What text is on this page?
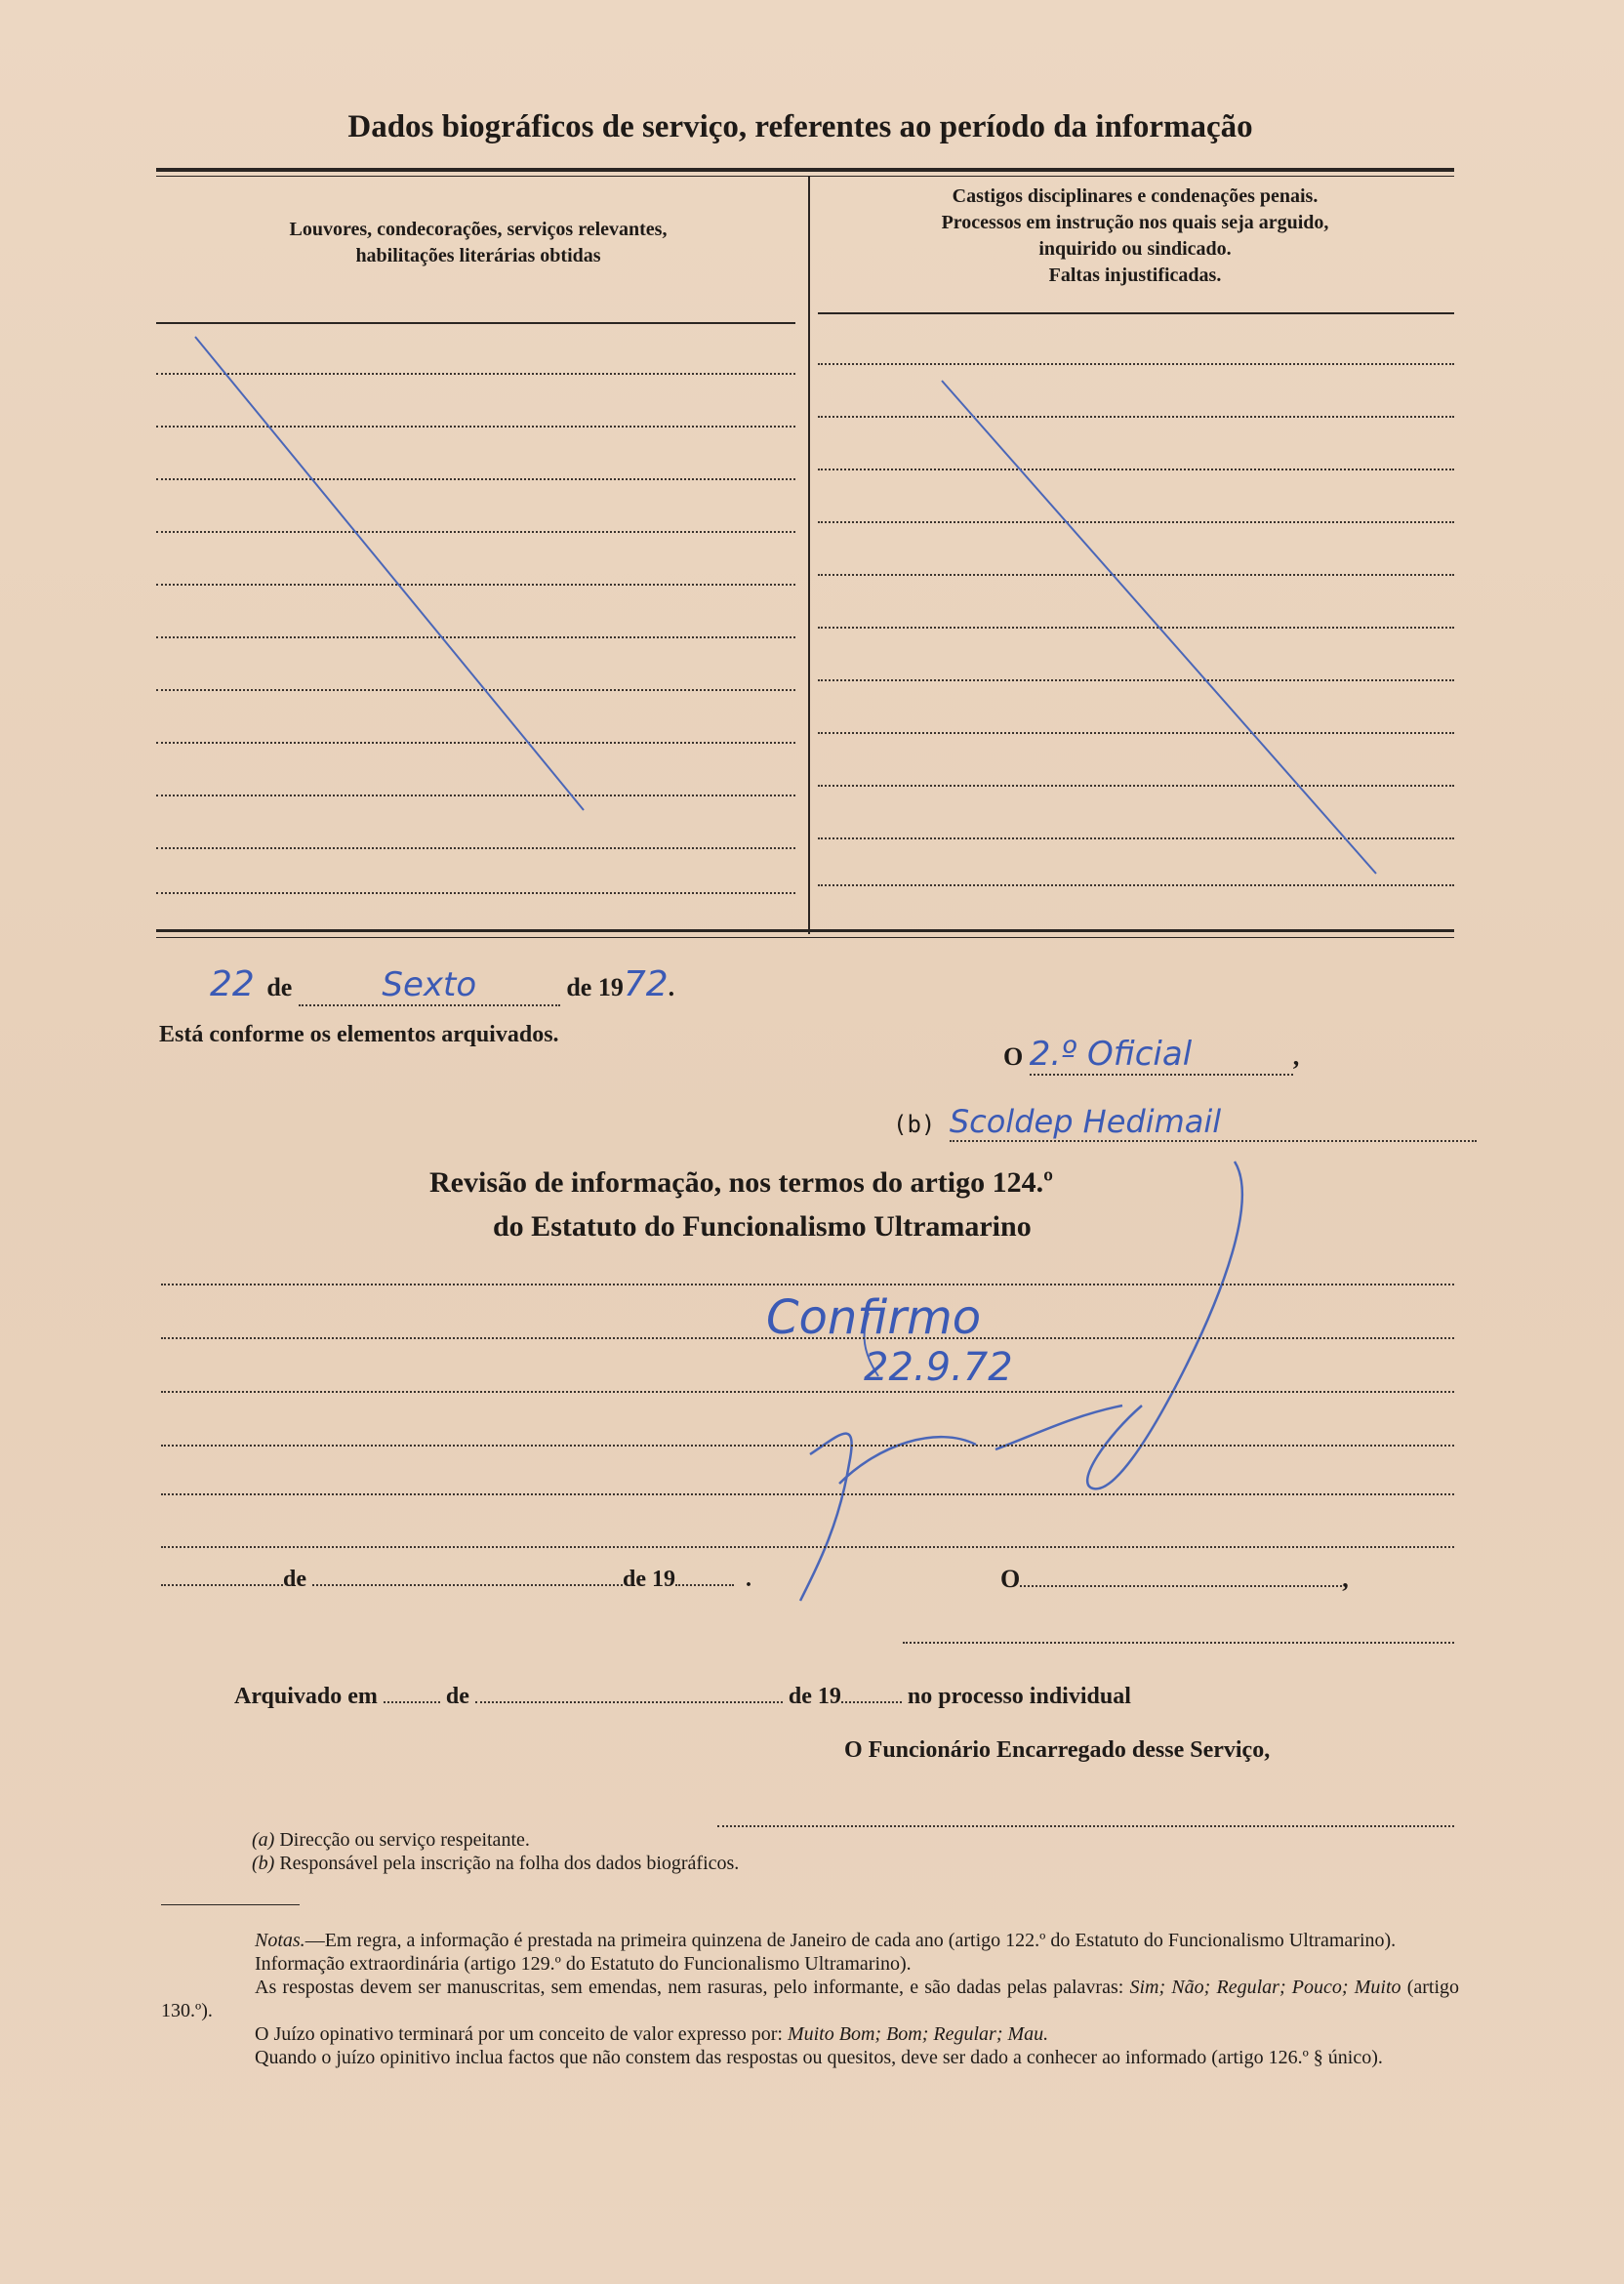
Dados biográficos de serviço, referentes ao período da informação
Louvores, condecorações, serviços relevantes,
habilitações literárias obtidas
Castigos disciplinares e condenações penais.
Processos em instrução nos quais seja arguido,
inquirido ou sindicado.
Faltas injustificadas.
22 de	Sexto	de 1972.
Está conforme os elementos arquivados.
O 2.º Oficial	,
(b) Scoldep Hedimail
Revisão de informação, nos termos do artigo 124.º
do Estatuto do Funcionalismo Ultramarino
Confirmo
22.9.72
de	de 19	.	O	,
Arquivado em	de	de 19	no processo individual
O Funcionário Encarregado desse Serviço,
(a) Direcção ou serviço respeitante.
(b) Responsável pela inscrição na folha dos dados biográficos.
Notas.—Em regra, a informação é prestada na primeira quinzena de Janeiro de cada ano (artigo 122.º do Estatuto do Funcionalismo Ultramarino).
Informação extraordinária (artigo 129.º do Estatuto do Funcionalismo Ultramarino).
As respostas devem ser manuscritas, sem emendas, nem rasuras, pelo informante, e são dadas pelas palavras: Sim; Não; Regular; Pouco; Muito (artigo 130.º).
O Juízo opinativo terminará por um conceito de valor expresso por: Muito Bom; Bom; Regular; Mau.
Quando o juízo opinitivo inclua factos que não constem das respostas ou quesitos, deve ser dado a conhecer ao informado (artigo 126.º § único).
